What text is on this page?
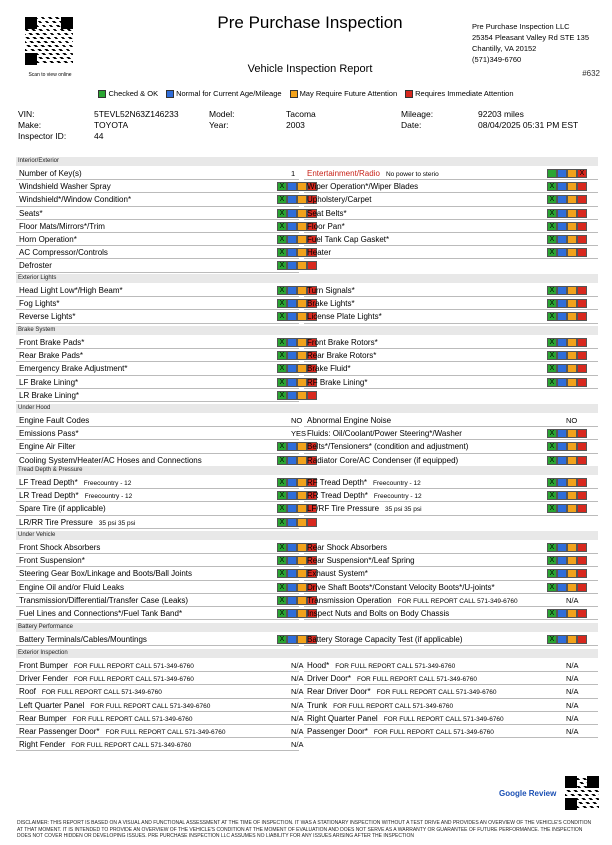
Scan to view online
Pre Purchase Inspection
Vehicle Inspection Report
Pre Purchase Inspection LLC
25354 Pleasant Valley Rd STE 135
Chantilly, VA 20152
(571)349-6760
#632
Checked & OK Normal for Current Age/Mileage May Require Future Attention Requires Immediate Attention
VIN:	5TEVL52N63Z146233
Make:	TOYOTA
Inspector ID:	44
Model:	Tacoma
Year:	2003
Mileage:	92203 miles
Date:	08/04/2025 05:31 PM EST
Interior/Exterior
Number of Key(s)	1 Entertainment/Radio No power to sterio	X
Windshield Washer Spray	X	Wiper Operation*/Wiper Blades	X
Windshield*/Window Condition*	X	Upholstery/Carpet	X
Seats*	X	Seat Belts*	X
Floor Mats/Mirrors*/Trim	X	Floor Pan*	X
Horn Operation*	X	Fuel Tank Cap Gasket*	X
AC Compressor/Controls	X	Heater	X
Defroster	X
Exterior Lights
Head Light Low*/High Beam*	X	Turn Signals*	X
Fog Lights*	X	Brake Lights*	X
Reverse Lights*	X	License Plate Lights*	X
Brake System
Front Brake Pads*	X	Front Brake Rotors*	X
Rear Brake Pads*	X	Rear Brake Rotors*	X
Emergency Brake Adjustment*	X	Brake Fluid*	X
LF Brake Lining*	X	RF Brake Lining*	X
LR Brake Lining*	X
Under Hood
Engine Fault Codes	NO Abnormal Engine Noise	NO
Emissions Pass*	YES Fluids: Oil/Coolant/Power Steering*/Washer	X
Engine Air Filter	X	Belts*/Tensioners* (condition and adjustment)	X
Cooling System/Heater/AC Hoses and Connections	X	Radiator Core/AC Condenser (if equipped)	X
Tread Depth & Pressure
LF Tread Depth* Freecountry - 12	X	RF Tread Depth* Freecountry - 12	X
LR Tread Depth* Freecountry - 12	X	RR Tread Depth* Freecountry - 12	X
Spare Tire (if applicable)	X	LF/RF Tire Pressure 35 psi 35 psi	X
LR/RR Tire Pressure 35 psi 35 psi	X
Under Vehicle
Front Shock Absorbers	X	Rear Shock Absorbers	X
Front Suspension*	X	Rear Suspension*/Leaf Spring	X
Steering Gear Box/Linkage and Boots/Ball Joints	X	Exhaust System*	X
Engine Oil and/or Fluid Leaks	X	Drive Shaft Boots*/Constant Velocity Boots*/U-joints*	X
Transmission/Differential/Transfer Case (Leaks)	X	Transmission Operation FOR FULL REPORT CALL 571-349-6760	N/A
Fuel Lines and Connections*/Fuel Tank Band*	X	Inspect Nuts and Bolts on Body Chassis	X
Battery Performance
Battery Terminals/Cables/Mountings	X	Battery Storage Capacity Test (if applicable)	X
Exterior Inspection
Front Bumper FOR FULL REPORT CALL 571-349-6760	N/A Hood* FOR FULL REPORT CALL 571-349-6760	N/A
Driver Fender FOR FULL REPORT CALL 571-349-6760	N/A Driver Door* FOR FULL REPORT CALL 571-349-6760	N/A
Roof FOR FULL REPORT CALL 571-349-6760	N/A Rear Driver Door* FOR FULL REPORT CALL 571-349-6760	N/A
Left Quarter Panel FOR FULL REPORT CALL 571-349-6760	N/A Trunk FOR FULL REPORT CALL 571-349-6760	N/A
Rear Bumper FOR FULL REPORT CALL 571-349-6760	N/A Right Quarter Panel FOR FULL REPORT CALL 571-349-6760	N/A
Rear Passenger Door* FOR FULL REPORT CALL 571-349-6760	N/A Passenger Door* FOR FULL REPORT CALL 571-349-6760	N/A
Right Fender FOR FULL REPORT CALL 571-349-6760	N/A
Google Review
DISCLAIMER: THIS REPORT IS BASED ON A VISUAL AND FUNCTIONAL ASSESSMENT AT THE TIME OF INSPECTION. IT WAS A STATIONARY INSPECTION WITHOUT A TEST DRIVE AND PROVIDES AN OVERVIEW OF THE VEHICLE'S CONDITION AT THAT MOMENT. IT IS INTENDED TO PROVIDE AN OVERVIEW OF THE VEHICLE'S CONDITION AT THE MOMENT OF EVALUATION AND DOES NOT SERVE AS A WARRANTY OR GUARANTEE OF FUTURE PERFORMANCE. THE INSPECTION DOES NOT COVER HIDDEN OR DEVELOPING ISSUES. PRE PURCHASE INSPECTION LLC ASSUMES NO LIABILITY FOR ANY ISSUES ARISING AFTER THE INSPECTION
